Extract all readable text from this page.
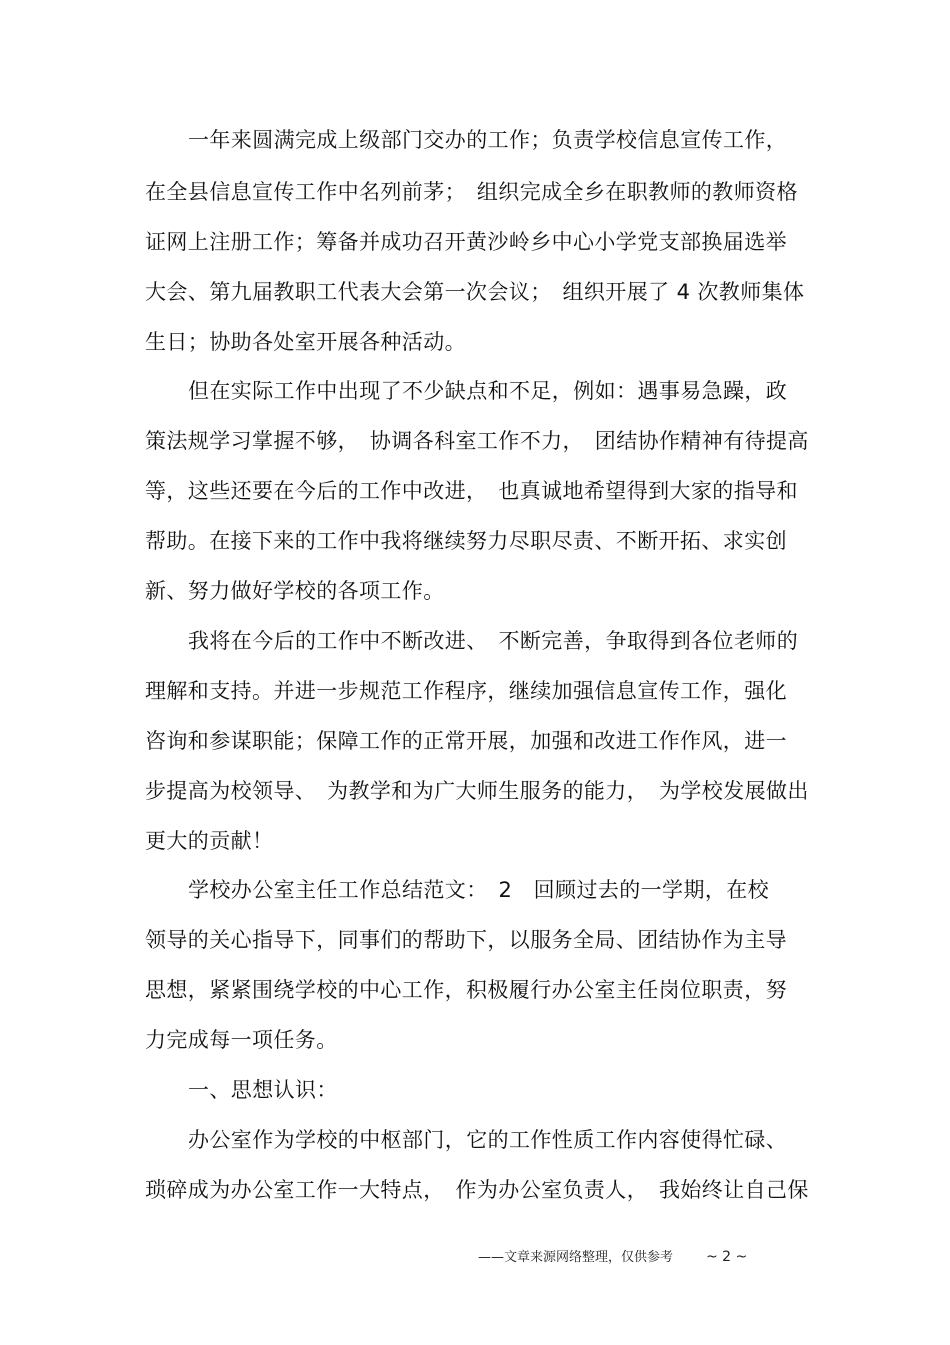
一年来圆满完成上级部门交办的工作；负责学校信息宣传工作，
在全县信息宣传工作中名列前茅；　组织完成全乡在职教师的教师资格
证网上注册工作；筹备并成功召开黄沙岭乡中心小学党支部换届选举
大会、第九届教职工代表大会第一次会议；　组织开展了 4 次教师集体
生日；协助各处室开展各种活动。
但在实际工作中出现了不少缺点和不足，例如：遇事易急躁，政
策法规学习掌握不够，　协调各科室工作不力，　团结协作精神有待提高
等，这些还要在今后的工作中改进，　也真诚地希望得到大家的指导和
帮助。在接下来的工作中我将继续努力尽职尽责、不断开拓、求实创
新、努力做好学校的各项工作。
我将在今后的工作中不断改进、　不断完善，争取得到各位老师的
理解和支持。并进一步规范工作程序，继续加强信息宣传工作，强化
咨询和参谋职能；保障工作的正常开展，加强和改进工作作风，进一
步提高为校领导、　为教学和为广大师生服务的能力，　为学校发展做出
更大的贡献！
学校办公室主任工作总结范文：　2　回顾过去的一学期，在校
领导的关心指导下，同事们的帮助下，以服务全局、团结协作为主导
思想，紧紧围绕学校的中心工作，积极履行办公室主任岗位职责，努
力完成每一项任务。
一、思想认识：
办公室作为学校的中枢部门，它的工作性质工作内容使得忙碌、
琐碎成为办公室工作一大特点，　作为办公室负责人，　我始终让自己保
——文章来源网络整理，仅供参考 ~ 2 ~
